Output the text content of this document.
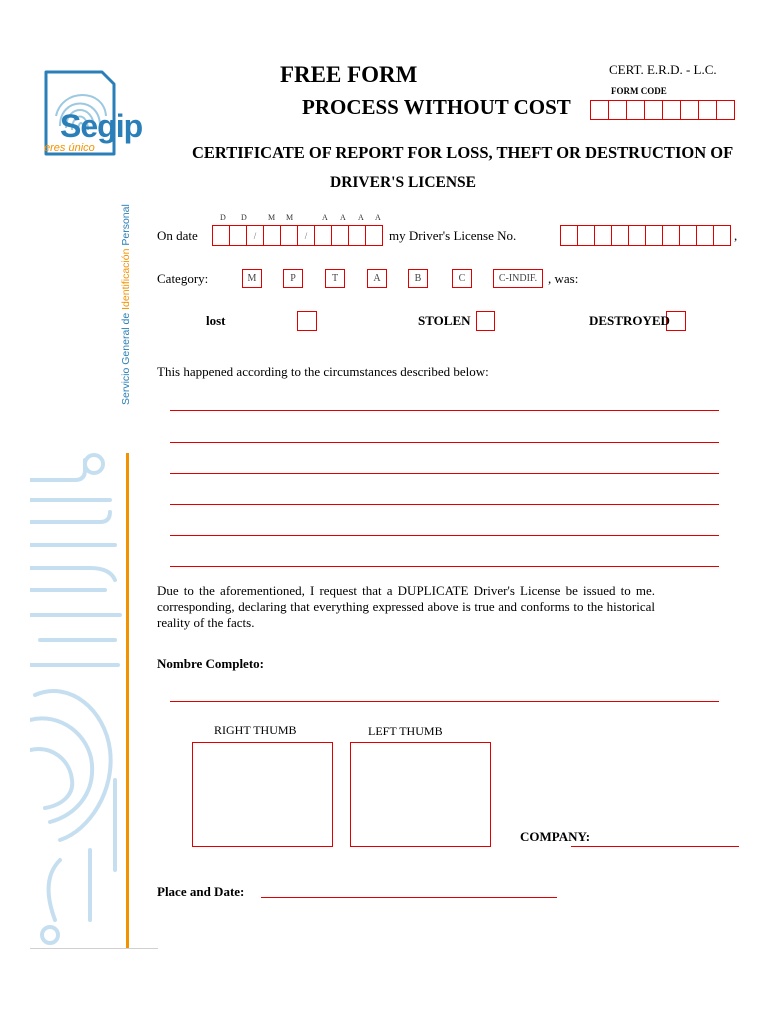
Segip
eres único
Servicio General de Identificación Personal
FREE FORM
PROCESS WITHOUT COST
CERT. E.R.D. - L.C.
FORM CODE
CERTIFICATE OF REPORT FOR LOSS, THEFT OR DESTRUCTION OF
DRIVER'S LICENSE
D D	M M	A A A A
On date	/	/	my Driver's License No.	,
Category:	M	P	T	A	B	C	C-INDIF. , was:
lost	STOLEN	DESTROYED
This happened according to the circumstances described below:
Due to the aforementioned, I request that a DUPLICATE Driver's License be issued to me. corresponding, declaring that everything expressed above is true and conforms to the historical reality of the facts.
Nombre Completo:
RIGHT THUMB	LEFT THUMB
COMPANY:
Place and Date:
